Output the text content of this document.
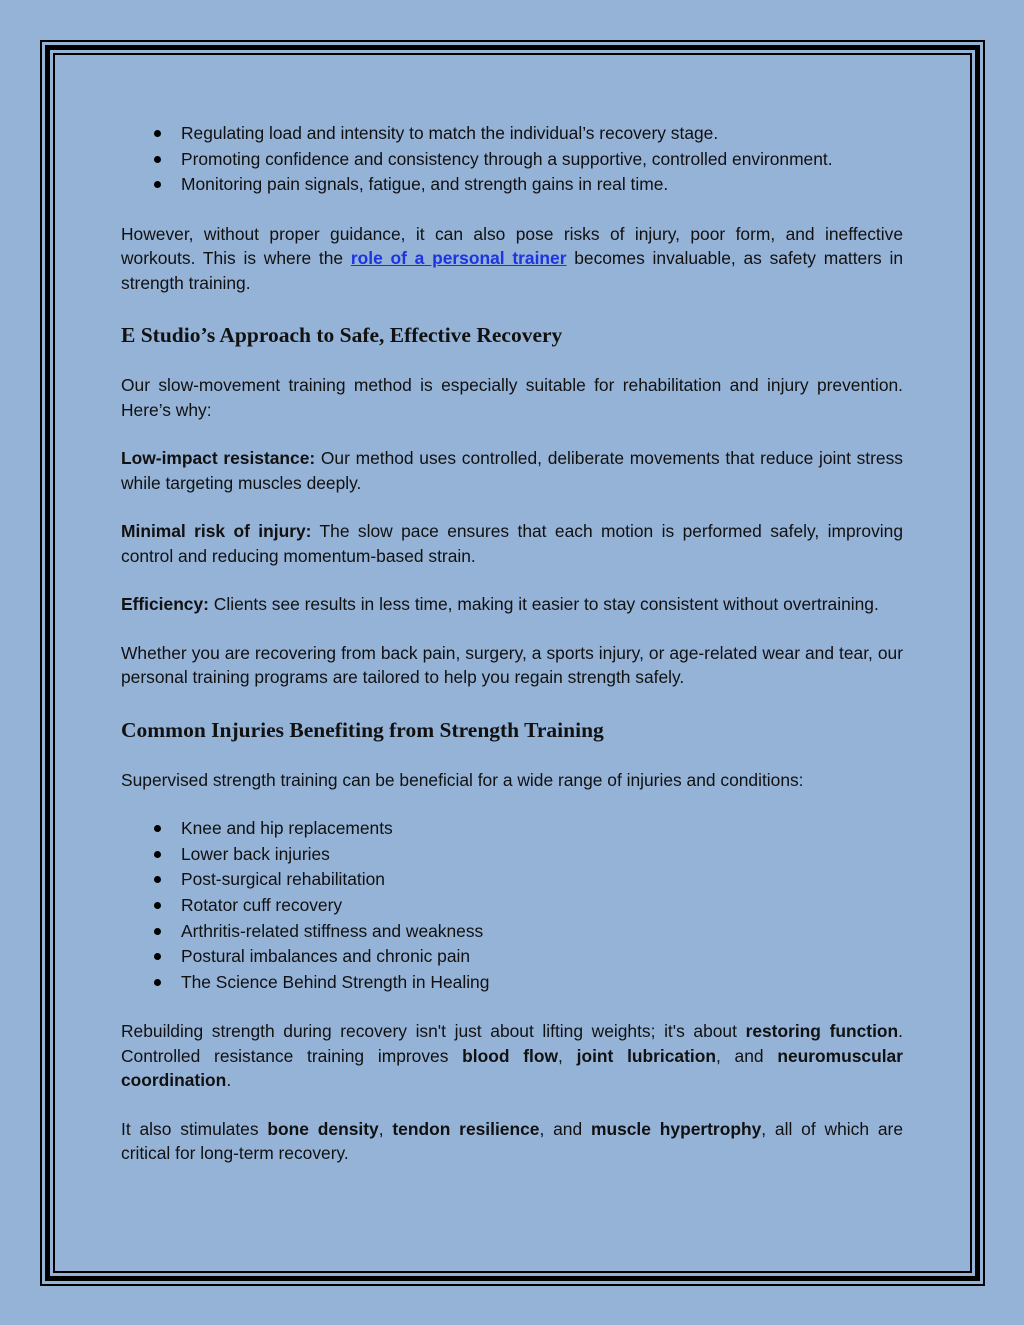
Regulating load and intensity to match the individual’s recovery stage.
Promoting confidence and consistency through a supportive, controlled environment.
Monitoring pain signals, fatigue, and strength gains in real time.

However, without proper guidance, it can also pose risks of injury, poor form, and ineffective workouts. This is where the role of a personal trainer becomes invaluable, as safety matters in strength training.

E Studio’s Approach to Safe, Effective Recovery

Our slow-movement training method is especially suitable for rehabilitation and injury prevention. Here’s why:

Low-impact resistance: Our method uses controlled, deliberate movements that reduce joint stress while targeting muscles deeply.

Minimal risk of injury: The slow pace ensures that each motion is performed safely, improving control and reducing momentum-based strain.

Efficiency: Clients see results in less time, making it easier to stay consistent without overtraining.

Whether you are recovering from back pain, surgery, a sports injury, or age-related wear and tear, our personal training programs are tailored to help you regain strength safely.

Common Injuries Benefiting from Strength Training

Supervised strength training can be beneficial for a wide range of injuries and conditions:

Knee and hip replacements
Lower back injuries
Post-surgical rehabilitation
Rotator cuff recovery
Arthritis-related stiffness and weakness
Postural imbalances and chronic pain
The Science Behind Strength in Healing

Rebuilding strength during recovery isn't just about lifting weights; it's about restoring function. Controlled resistance training improves blood flow, joint lubrication, and neuromuscular coordination.

It also stimulates bone density, tendon resilience, and muscle hypertrophy, all of which are critical for long-term recovery.
